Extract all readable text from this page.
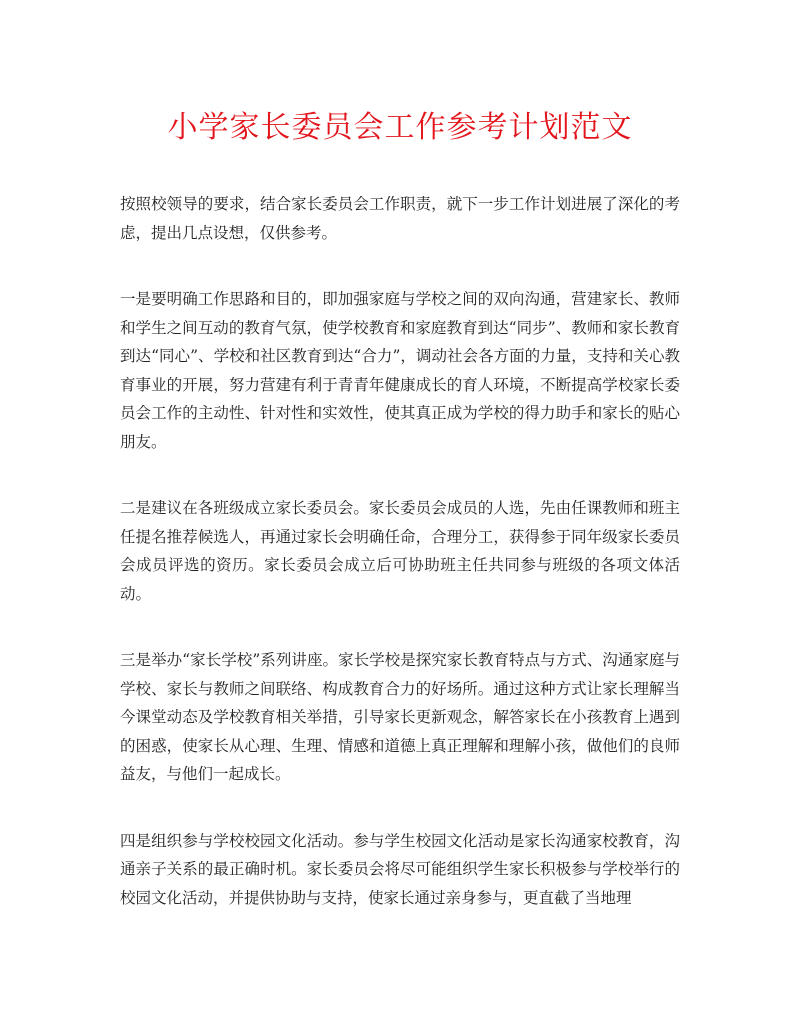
小学家长委员会工作参考计划范文

按照校领导的要求，结合家长委员会工作职责，就下一步工作计划进展了深化的考虑，提出几点设想，仅供参考。

一是要明确工作思路和目的，即加强家庭与学校之间的双向沟通，营建家长、教师和学生之间互动的教育气氛，使学校教育和家庭教育到达“同步”、教师和家长教育到达“同心”、学校和社区教育到达“合力”，调动社会各方面的力量，支持和关心教育事业的开展，努力营建有利于青青年健康成长的育人环境，不断提高学校家长委员会工作的主动性、针对性和实效性，使其真正成为学校的得力助手和家长的贴心朋友。

二是建议在各班级成立家长委员会。家长委员会成员的人选，先由任课教师和班主任提名推荐候选人，再通过家长会明确任命，合理分工，获得参于同年级家长委员会成员评选的资历。家长委员会成立后可协助班主任共同参与班级的各项文体活动。

三是举办“家长学校”系列讲座。家长学校是探究家长教育特点与方式、沟通家庭与学校、家长与教师之间联络、构成教育合力的好场所。通过这种方式让家长理解当今课堂动态及学校教育相关举措，引导家长更新观念，解答家长在小孩教育上遇到的困惑，使家长从心理、生理、情感和道德上真正理解和理解小孩，做他们的良师益友，与他们一起成长。

四是组织参与学校校园文化活动。参与学生校园文化活动是家长沟通家校教育，沟通亲子关系的最正确时机。家长委员会将尽可能组织学生家长积极参与学校举行的校园文化活动，并提供协助与支持，使家长通过亲身参与，更直截了当地理
